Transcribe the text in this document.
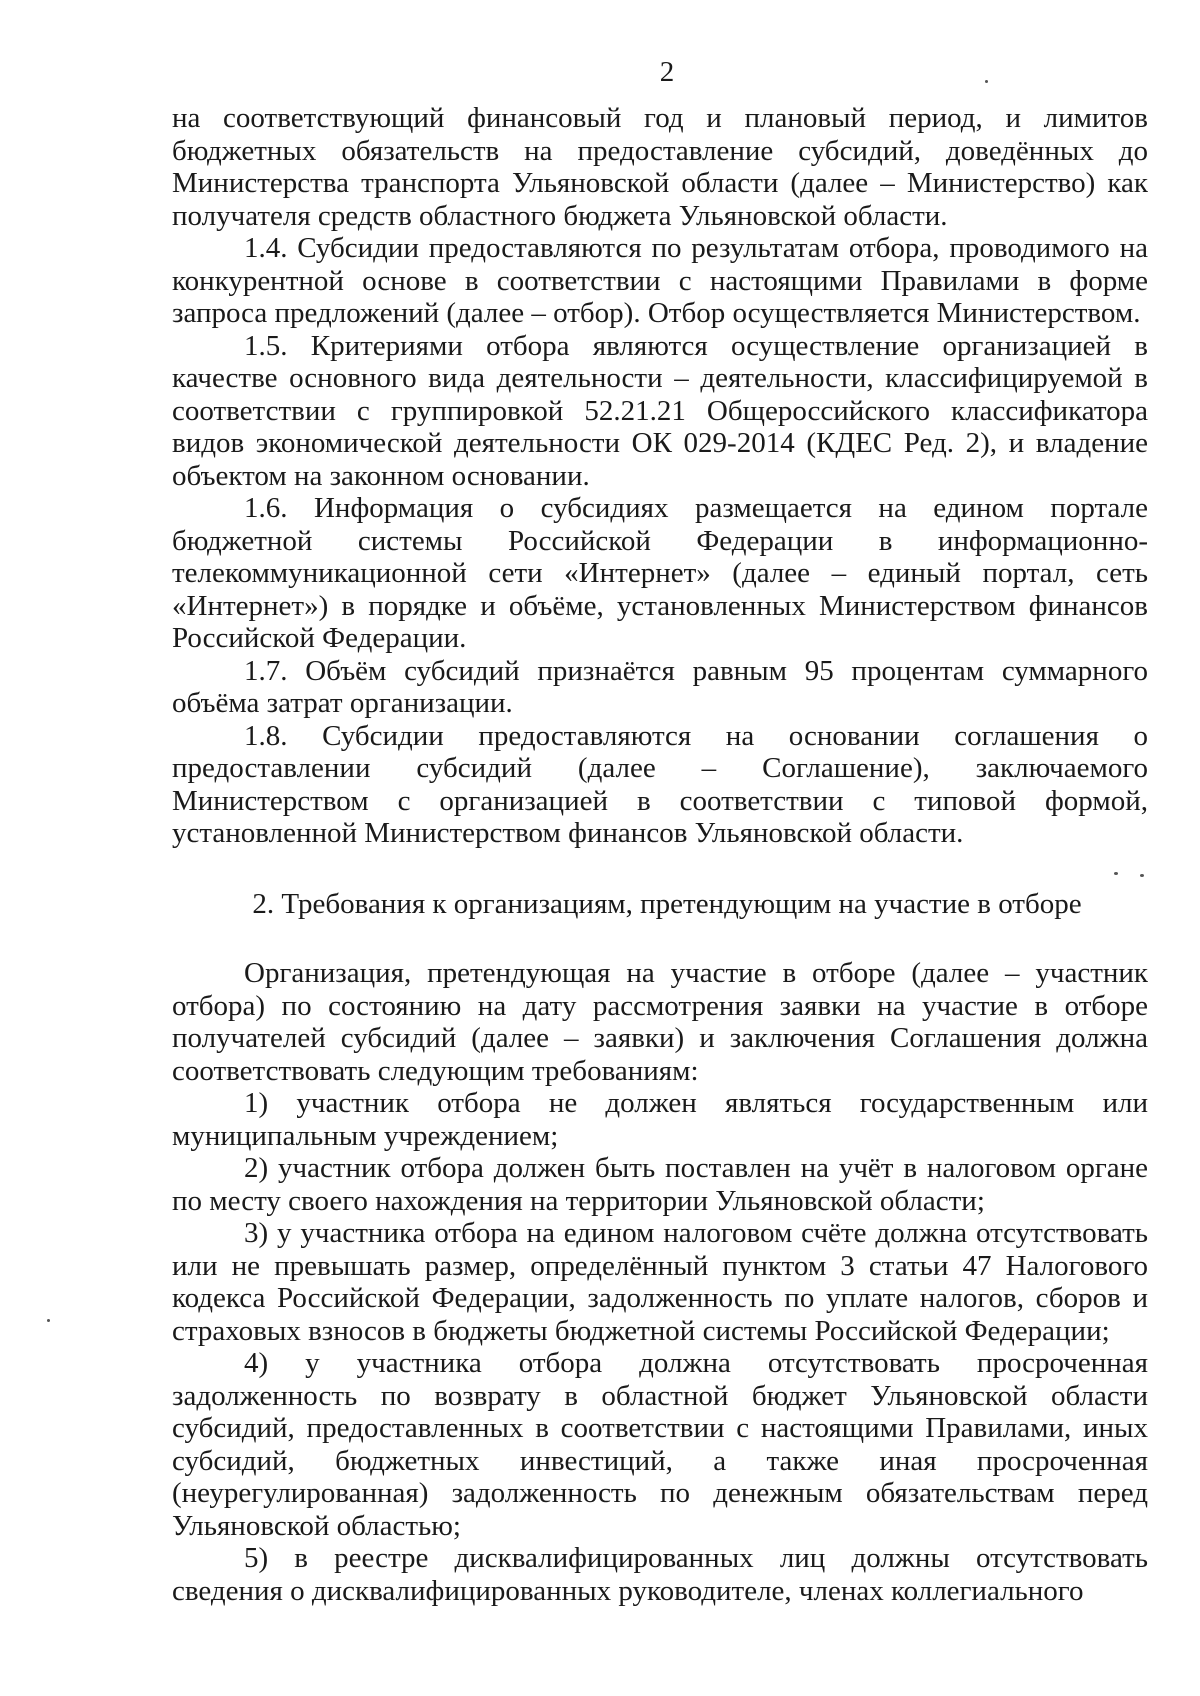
2

на соответствующий финансовый год и плановый период, и лимитов бюджетных обязательств на предоставление субсидий, доведённых до Министерства транспорта Ульяновской области (далее – Министерство) как получателя средств областного бюджета Ульяновской области.

1.4. Субсидии предоставляются по результатам отбора, проводимого на конкурентной основе в соответствии с настоящими Правилами в форме запроса предложений (далее – отбор). Отбор осуществляется Министерством.

1.5. Критериями отбора являются осуществление организацией в качестве основного вида деятельности – деятельности, классифицируемой в соответствии с группировкой 52.21.21 Общероссийского классификатора видов экономической деятельности ОК 029-2014 (КДЕС Ред. 2), и владение объектом на законном основании.

1.6. Информация о субсидиях размещается на едином портале бюджетной системы Российской Федерации в информационно-телекоммуникационной сети «Интернет» (далее – единый портал, сеть «Интернет») в порядке и объёме, установленных Министерством финансов Российской Федерации.

1.7. Объём субсидий признаётся равным 95 процентам суммарного объёма затрат организации.

1.8. Субсидии предоставляются на основании соглашения о предоставлении субсидий (далее – Соглашение), заключаемого Министерством с организацией в соответствии с типовой формой, установленной Министерством финансов Ульяновской области.

2. Требования к организациям, претендующим на участие в отборе

Организация, претендующая на участие в отборе (далее – участник отбора) по состоянию на дату рассмотрения заявки на участие в отборе получателей субсидий (далее – заявки) и заключения Соглашения должна соответствовать следующим требованиям:

1) участник отбора не должен являться государственным или муниципальным учреждением;

2) участник отбора должен быть поставлен на учёт в налоговом органе по месту своего нахождения на территории Ульяновской области;

3) у участника отбора на едином налоговом счёте должна отсутствовать или не превышать размер, определённый пунктом 3 статьи 47 Налогового кодекса Российской Федерации, задолженность по уплате налогов, сборов и страховых взносов в бюджеты бюджетной системы Российской Федерации;

4) у участника отбора должна отсутствовать просроченная задолженность по возврату в областной бюджет Ульяновской области субсидий, предоставленных в соответствии с настоящими Правилами, иных субсидий, бюджетных инвестиций, а также иная просроченная (неурегулированная) задолженность по денежным обязательствам перед Ульяновской областью;

5) в реестре дисквалифицированных лиц должны отсутствовать сведения о дисквалифицированных руководителе, членах коллегиального
